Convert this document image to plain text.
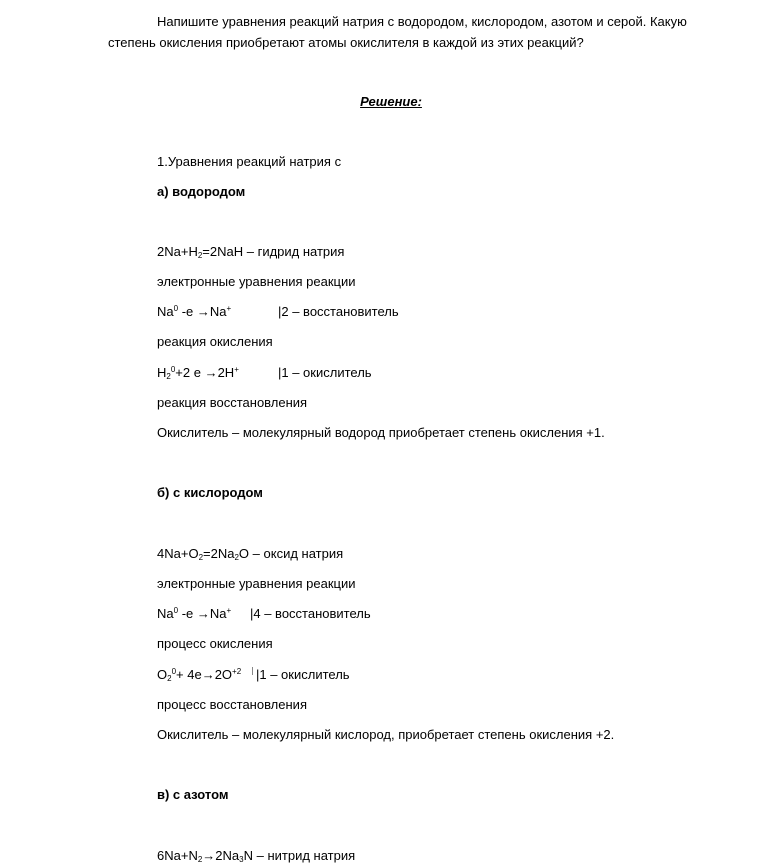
Напишите уравнения реакций натрия с водородом, кислородом, азотом и серой. Какую
степень окисления приобретают атомы окислителя в каждой из этих реакций?
Решение:
1.Уравнения реакций натрия с
а) водородом
$2Na+H_2=2NaH$ – гидрид натрия
электронные уравнения реакции
Na$^0$ -e →Na+	|2 – восстановитель
реакция окисления
$H_2^0+2$ e →2H+	|1 – окислитель
реакция восстановления
Окислитель – молекулярный водород приобретает степень окисления +1.
б) с кислородом
$4Na+O_2=2Na_2O$ – оксид натрия
электронные уравнения реакции
Na$^0$ -e →Na+ |4 – восстановитель
процесс окисления
$O_2^0+ 4e\to 2O^{+2}$	|1 – окислитель
процесс восстановления
Окислитель – молекулярный кислород, приобретает степень окисления +2.
в) с азотом
$6Na+N_2\to 2Na_3N$ – нитрид натрия
